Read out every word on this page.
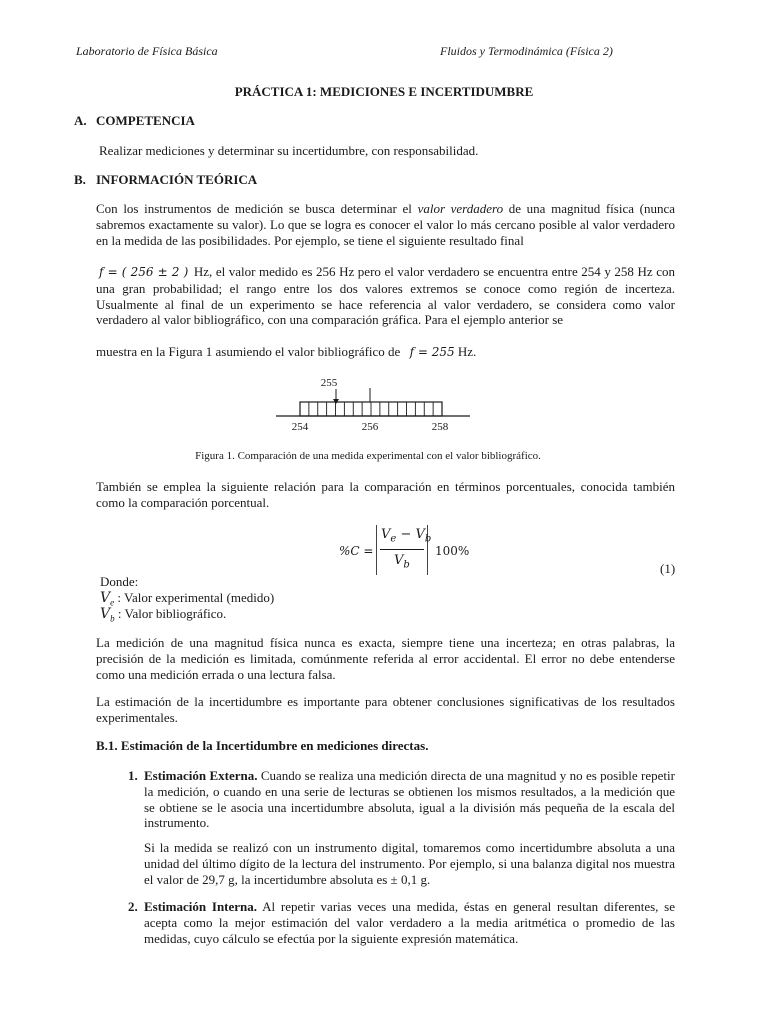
Laboratorio de Física Básica	Fluidos y Termodinámica (Física 2)
PRÁCTICA 1: MEDICIONES E INCERTIDUMBRE
A. COMPETENCIA
Realizar mediciones y determinar su incertidumbre, con responsabilidad.
B. INFORMACIÓN TEÓRICA
Con los instrumentos de medición se busca determinar el valor verdadero de una magnitud física (nunca sabremos exactamente su valor). Lo que se logra es conocer el valor lo más cercano posible al valor verdadero en la medida de las posibilidades. Por ejemplo, se tiene el siguiente resultado final
f = ( 256 ± 2 ) Hz, el valor medido es 256 Hz pero el valor verdadero se encuentra entre 254 y 258 Hz con una gran probabilidad; el rango entre los dos valores extremos se conoce como región de incerteza. Usualmente al final de un experimento se hace referencia al valor verdadero, se considera como valor verdadero al valor bibliográfico, con una comparación gráfica. Para el ejemplo anterior se
muestra en la Figura 1 asumiendo el valor bibliográfico de f = 255 Hz.
255
254	256	258
Figura 1. Comparación de una medida experimental con el valor bibliográfico.
También se emplea la siguiente relación para la comparación en términos porcentuales, conocida también como la comparación porcentual.
%C =
$V_e - V_b$
$V_b$
100%
(1)
Donde:
$V_e$ : Valor experimental (medido)
$V_b$ : Valor bibliográfico.
La medición de una magnitud física nunca es exacta, siempre tiene una incerteza; en otras palabras, la precisión de la medición es limitada, comúnmente referida al error accidental. El error no debe entenderse como una medición errada o una lectura falsa.
La estimación de la incertidumbre es importante para obtener conclusiones significativas de los resultados experimentales.
B.1. Estimación de la Incertidumbre en mediciones directas.
1. Estimación Externa. Cuando se realiza una medición directa de una magnitud y no es posible repetir la medición, o cuando en una serie de lecturas se obtienen los mismos resultados, a la medición que se obtiene se le asocia una incertidumbre absoluta, igual a la división más pequeña de la escala del instrumento.
Si la medida se realizó con un instrumento digital, tomaremos como incertidumbre absoluta a una unidad del último dígito de la lectura del instrumento. Por ejemplo, si una balanza digital nos muestra el valor de 29,7 g, la incertidumbre absoluta es ± 0,1 g.
2. Estimación Interna. Al repetir varias veces una medida, éstas en general resultan diferentes, se acepta como la mejor estimación del valor verdadero a la media aritmética o promedio de las medidas, cuyo cálculo se efectúa por la siguiente expresión matemática.
